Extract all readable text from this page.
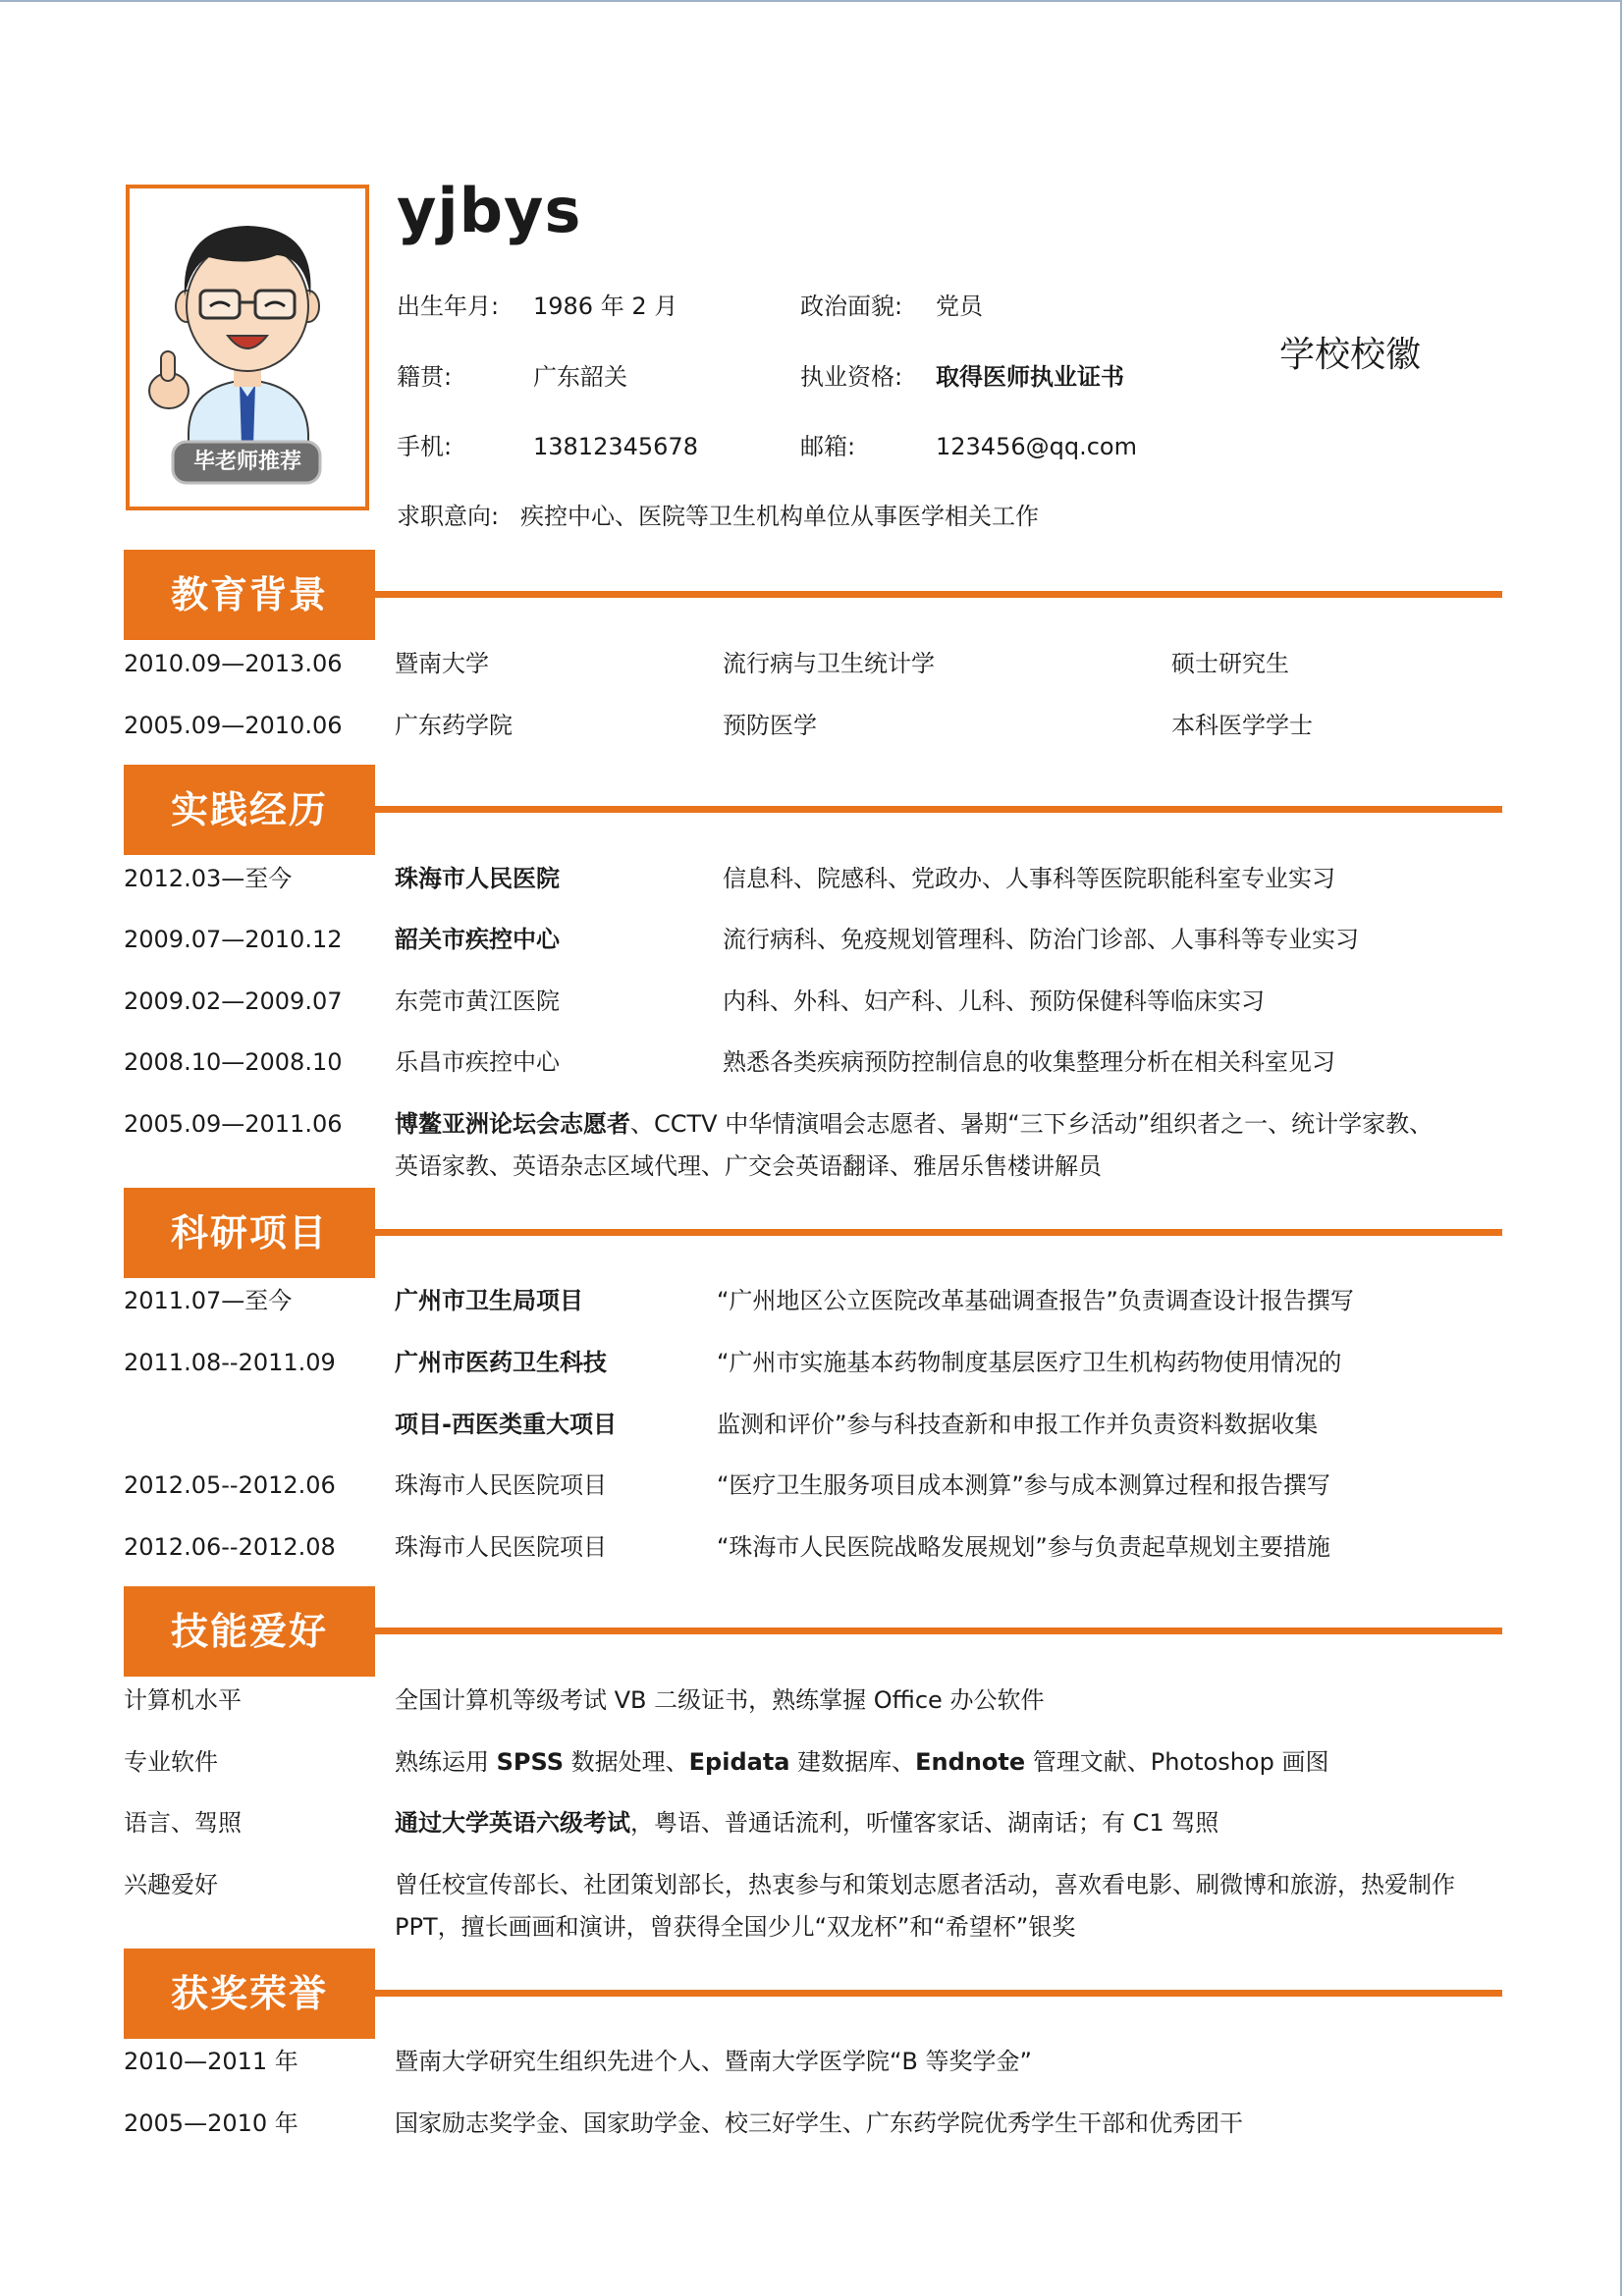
毕老师推荐
yjbys
出生年月: 1986 年 2 月	政治面貌: 党员
籍贯:	广东韶关	执业资格: 取得医师执业证书
学校校徽
手机:	13812345678	邮箱:	123456@qq.com
求职意向: 疾控中心、医院等卫生机构单位从事医学相关工作
教育背景
2010.09—2013.06 暨南大学	流行病与卫生统计学	硕士研究生
2005.09—2010.06 广东药学院	预防医学	本科医学学士
实践经历
2012.03—至今	珠海市人民医院	信息科、院感科、党政办、人事科等医院职能科室专业实习
2009.07—2010.12 韶关市疾控中心	流行病科、免疫规划管理科、防治门诊部、人事科等专业实习
2009.02—2009.07 东莞市黄江医院	内科、外科、妇产科、儿科、预防保健科等临床实习
2008.10—2008.10 乐昌市疾控中心	熟悉各类疾病预防控制信息的收集整理分析在相关科室见习
2005.09—2011.06 博鳌亚洲论坛会志愿者、CCTV 中华情演唱会志愿者、暑期“三下乡活动”组织者之一、统计学家教、
英语家教、英语杂志区域代理、广交会英语翻译、雅居乐售楼讲解员
科研项目
2011.07—至今	广州市卫生局项目	“广州地区公立医院改革基础调查报告”负责调查设计报告撰写
2011.08--2011.09	广州市医药卫生科技	“广州市实施基本药物制度基层医疗卫生机构药物使用情况的
项目-西医类重大项目	监测和评价”参与科技查新和申报工作并负责资料数据收集
2012.05--2012.06	珠海市人民医院项目	“医疗卫生服务项目成本测算”参与成本测算过程和报告撰写
2012.06--2012.08	珠海市人民医院项目	“珠海市人民医院战略发展规划”参与负责起草规划主要措施
技能爱好
计算机水平	全国计算机等级考试 VB 二级证书，熟练掌握 Office 办公软件
专业软件	熟练运用 SPSS 数据处理、Epidata 建数据库、Endnote 管理文献、Photoshop 画图
语言、驾照	通过大学英语六级考试，粤语、普通话流利，听懂客家话、湖南话；有 C1 驾照
兴趣爱好	曾任校宣传部长、社团策划部长，热衷参与和策划志愿者活动，喜欢看电影、刷微博和旅游，热爱制作
PPT，擅长画画和演讲，曾获得全国少儿“双龙杯”和“希望杯”银奖
获奖荣誉
2010—2011 年	暨南大学研究生组织先进个人、暨南大学医学院“B 等奖学金”
2005—2010 年	国家励志奖学金、国家助学金、校三好学生、广东药学院优秀学生干部和优秀团干
